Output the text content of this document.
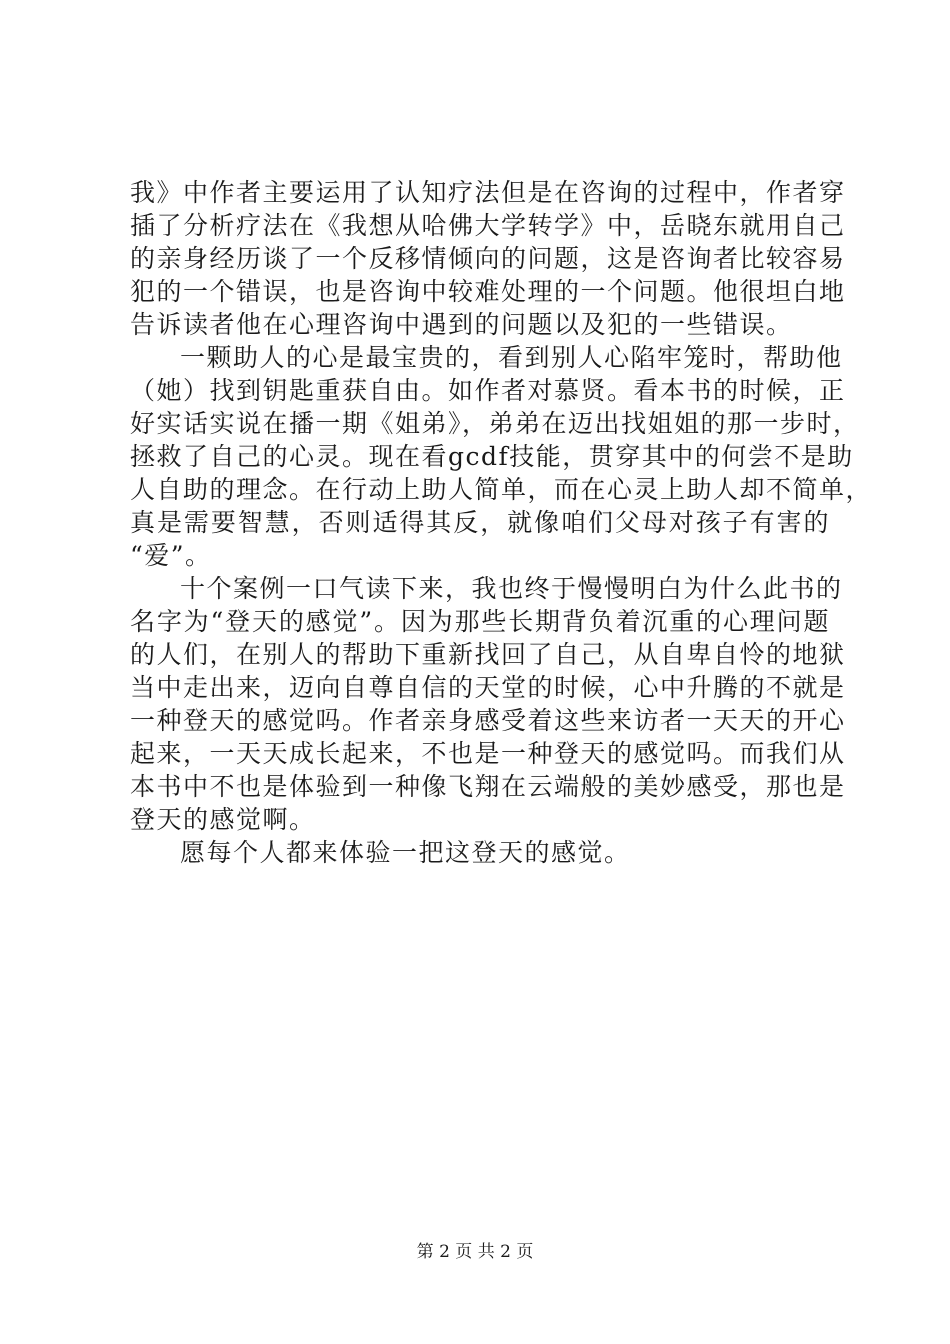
我》中作者主要运用了认知疗法但是在咨询的过程中，作者穿
插了分析疗法在《我想从哈佛大学转学》中，岳晓东就用自己
的亲身经历谈了一个反移情倾向的问题，这是咨询者比较容易
犯的一个错误，也是咨询中较难处理的一个问题。他很坦白地
告诉读者他在心理咨询中遇到的问题以及犯的一些错误。
一颗助人的心是最宝贵的，看到别人心陷牢笼时，帮助他
（她）找到钥匙重获自由。如作者对慕贤。看本书的时候，正
好实话实说在播一期《姐弟》，弟弟在迈出找姐姐的那一步时，
拯救了自己的心灵。现在看gcdf技能，贯穿其中的何尝不是助
人自助的理念。在行动上助人简单，而在心灵上助人却不简单，
真是需要智慧，否则适得其反，就像咱们父母对孩子有害的
“爱”。
十个案例一口气读下来，我也终于慢慢明白为什么此书的
名字为“登天的感觉”。因为那些长期背负着沉重的心理问题
的人们，在别人的帮助下重新找回了自己，从自卑自怜的地狱
当中走出来，迈向自尊自信的天堂的时候，心中升腾的不就是
一种登天的感觉吗。作者亲身感受着这些来访者一天天的开心
起来，一天天成长起来，不也是一种登天的感觉吗。而我们从
本书中不也是体验到一种像飞翔在云端般的美妙感受，那也是
登天的感觉啊。
愿每个人都来体验一把这登天的感觉。
第 2 页 共 2 页
